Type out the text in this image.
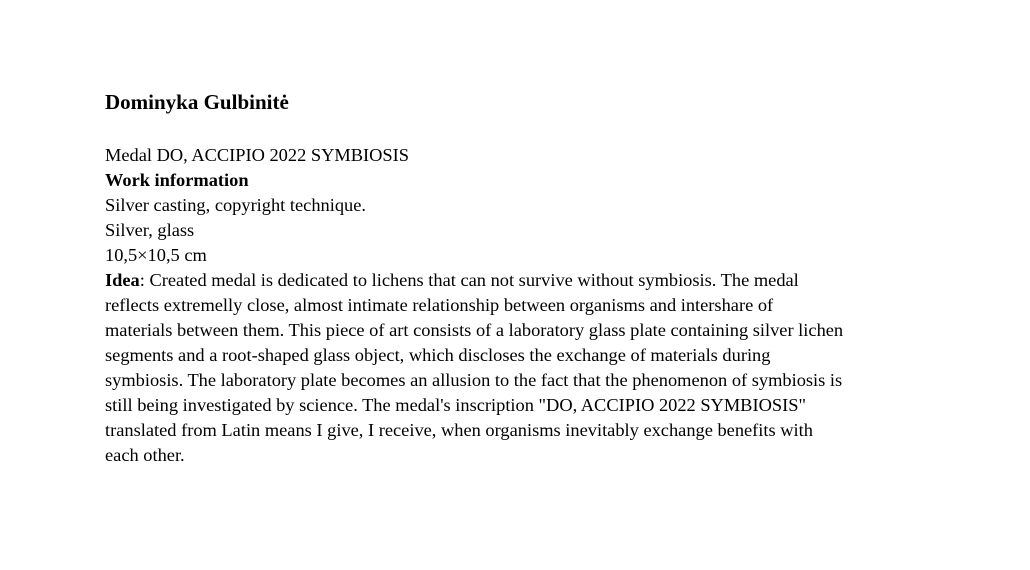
Dominyka Gulbinitė
Medal DO, ACCIPIO 2022 SYMBIOSIS
Work information
Silver casting, copyright technique.
Silver, glass
10,5×10,5 cm
Idea: Created medal is dedicated to lichens that can not survive without symbiosis. The medal
reflects extremelly close, almost intimate relationship between organisms and intershare of
materials between them. This piece of art consists of a laboratory glass plate containing silver lichen
segments and a root-shaped glass object, which discloses the exchange of materials during
symbiosis. The laboratory plate becomes an allusion to the fact that the phenomenon of symbiosis is
still being investigated by science. The medal's inscription "DO, ACCIPIO 2022 SYMBIOSIS"
translated from Latin means I give, I receive, when organisms inevitably exchange benefits with
each other.
